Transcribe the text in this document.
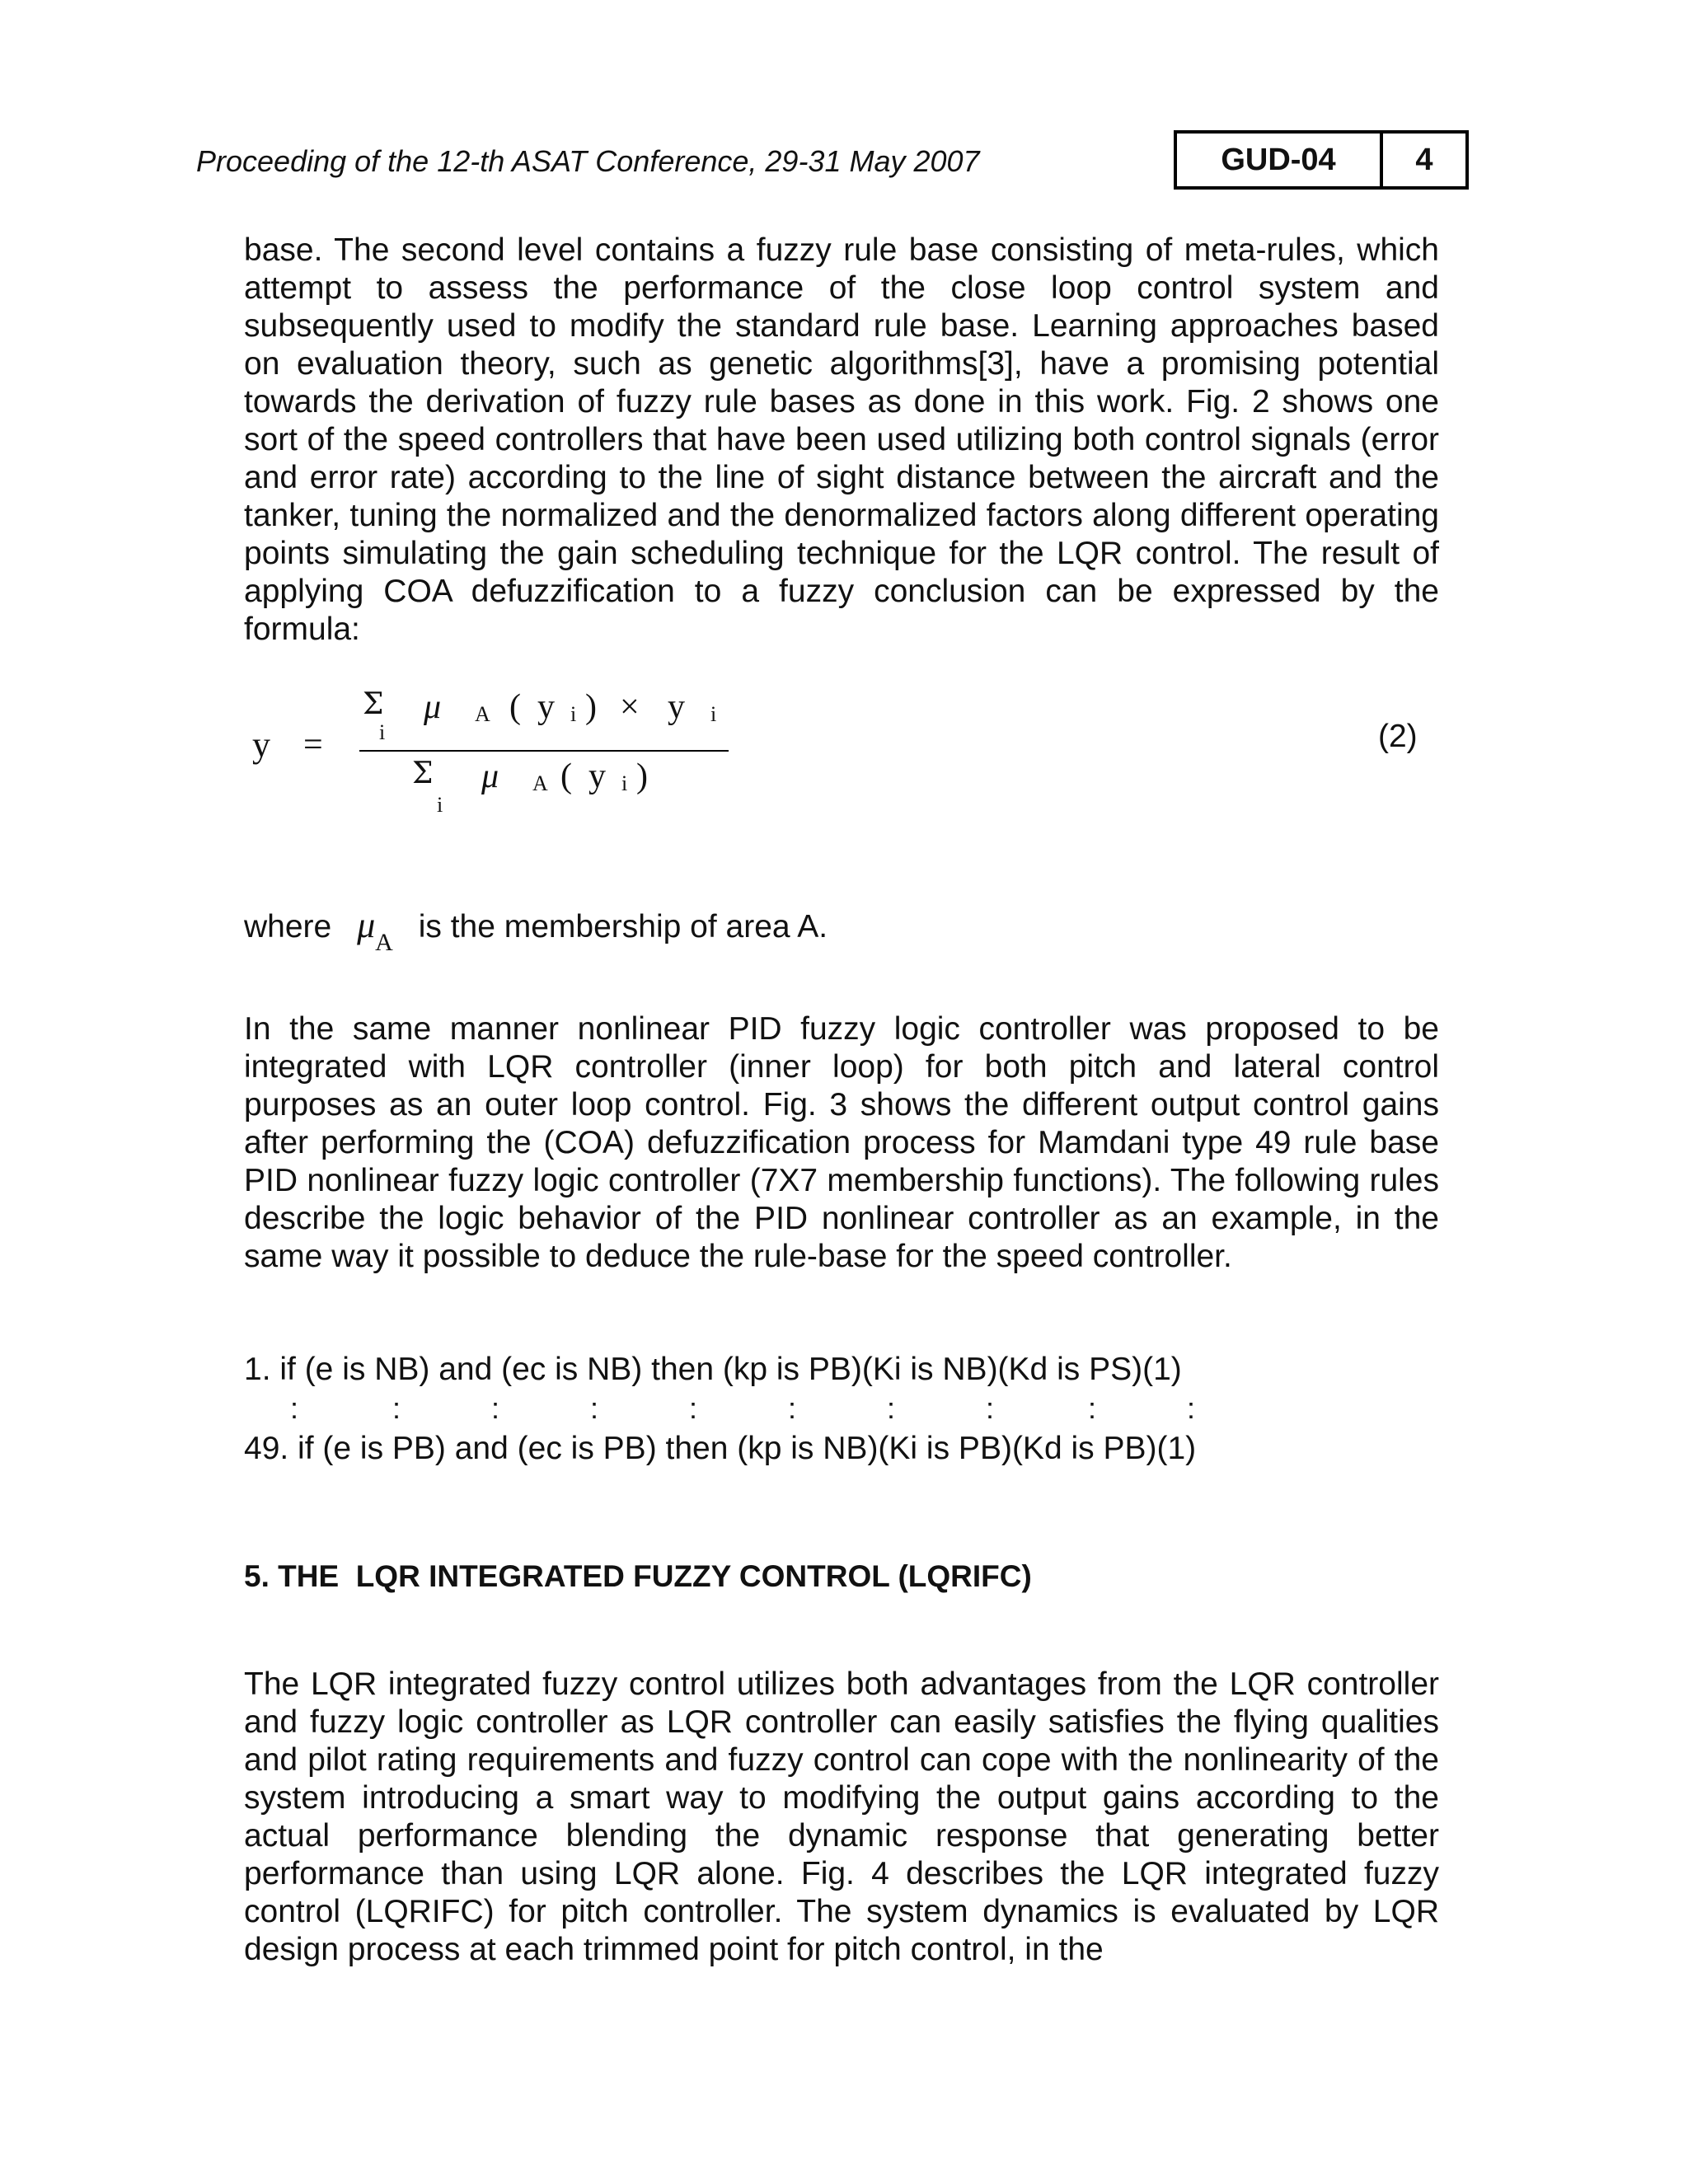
Proceeding of the 12-th ASAT Conference, 29-31 May 2007	GUD-04	4
base. The second level contains a fuzzy rule base consisting of meta-rules, which attempt to assess the performance of the close loop control system and subsequently used to modify the standard rule base. Learning approaches based on evaluation theory, such as genetic algorithms[3], have a promising potential towards the derivation of fuzzy rule bases as done in this work. Fig. 2 shows one sort of the speed controllers that have been used utilizing both control signals (error and error rate) according to the line of sight distance between the aircraft and the tanker, tuning the normalized and the denormalized factors along different operating points simulating the gain scheduling technique for the LQR control. The result of applying COA defuzzification to a fuzzy conclusion can be expressed by the formula:
y =
Σ
i
μ A ( y i ) × y i
Σ
i
μ A ( y i )
(2)
where $\mu_A$ is the membership of area A.
In the same manner nonlinear PID fuzzy logic controller was proposed to be integrated with LQR controller (inner loop) for both pitch and lateral control purposes as an outer loop control. Fig. 3 shows the different output control gains after performing the (COA) defuzzification process for Mamdani type 49 rule base PID nonlinear fuzzy logic controller (7X7 membership functions). The following rules describe the logic behavior of the PID nonlinear controller as an example, in the same way it possible to deduce the rule-base for the speed controller.
1. if (e is NB) and (ec is NB) then (kp is PB)(Ki is NB)(Kd is PS)(1)
:	:	:	:	:	:	:	:	:	:
49. if (e is PB) and (ec is PB) then (kp is NB)(Ki is PB)(Kd is PB)(1)
5. THE  LQR INTEGRATED FUZZY CONTROL (LQRIFC)
The LQR integrated fuzzy control utilizes both advantages from the LQR controller and fuzzy logic controller as LQR controller can easily satisfies the flying qualities and pilot rating requirements and fuzzy control can cope with the nonlinearity of the system introducing a smart way to modifying the output gains according to the actual performance blending the dynamic response that generating better performance than using LQR alone. Fig. 4 describes the LQR integrated fuzzy control (LQRIFC) for pitch controller. The system dynamics is evaluated by LQR design process at each trimmed point for pitch control, in the
